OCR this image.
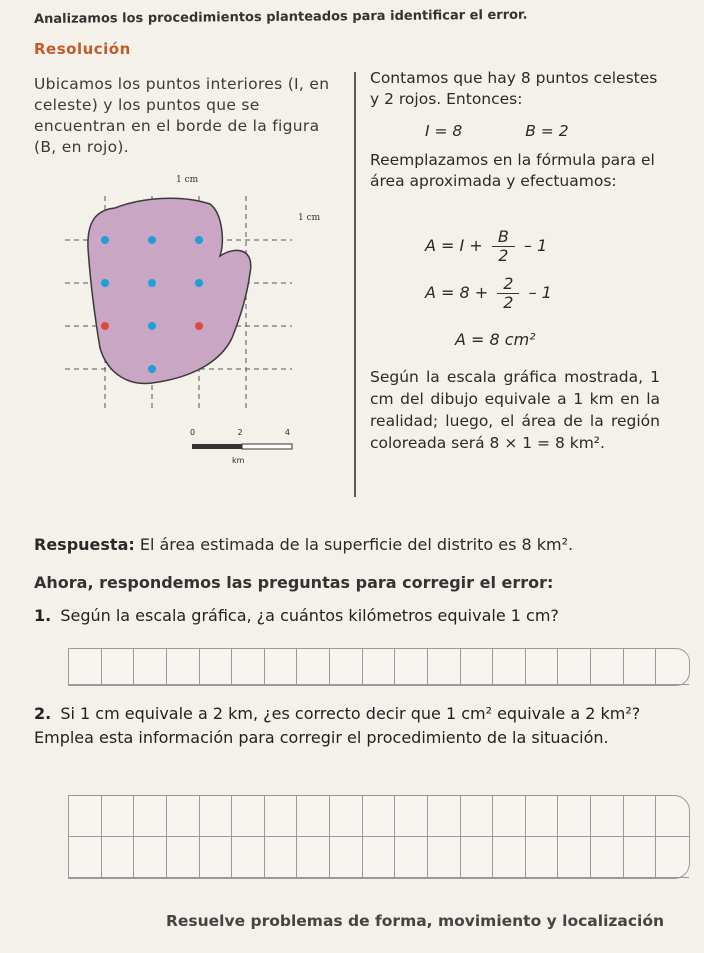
Analizamos los procedimientos planteados para identificar el error.
Resolución
Ubicamos los puntos interiores (I, en celeste) y los puntos que se encuentran en el borde de la figura (B, en rojo).
1 cm
1 cm
0	2	4
km
Contamos que hay 8 puntos celestes y 2 rojos. Entonces:
I = 8	B = 2
Reemplazamos en la fórmula para el área aproximada y efectuamos:
$A = I + \frac{B}{2} - 1$
$A = 8 + \frac{2}{2} - 1$
A = 8 cm²
Según la escala gráfica mostrada, 1 cm del dibujo equivale a 1 km en la realidad; luego, el área de la región coloreada será 8 × 1 = 8 km².
Respuesta: El área estimada de la superficie del distrito es 8 km².
Ahora, respondemos las preguntas para corregir el error:
1. Según la escala gráfica, ¿a cuántos kilómetros equivale 1 cm?
2. Si 1 cm equivale a 2 km, ¿es correcto decir que 1 cm² equivale a 2 km²? Emplea esta información para corregir el procedimiento de la situación.
Resuelve problemas de forma, movimiento y localización
